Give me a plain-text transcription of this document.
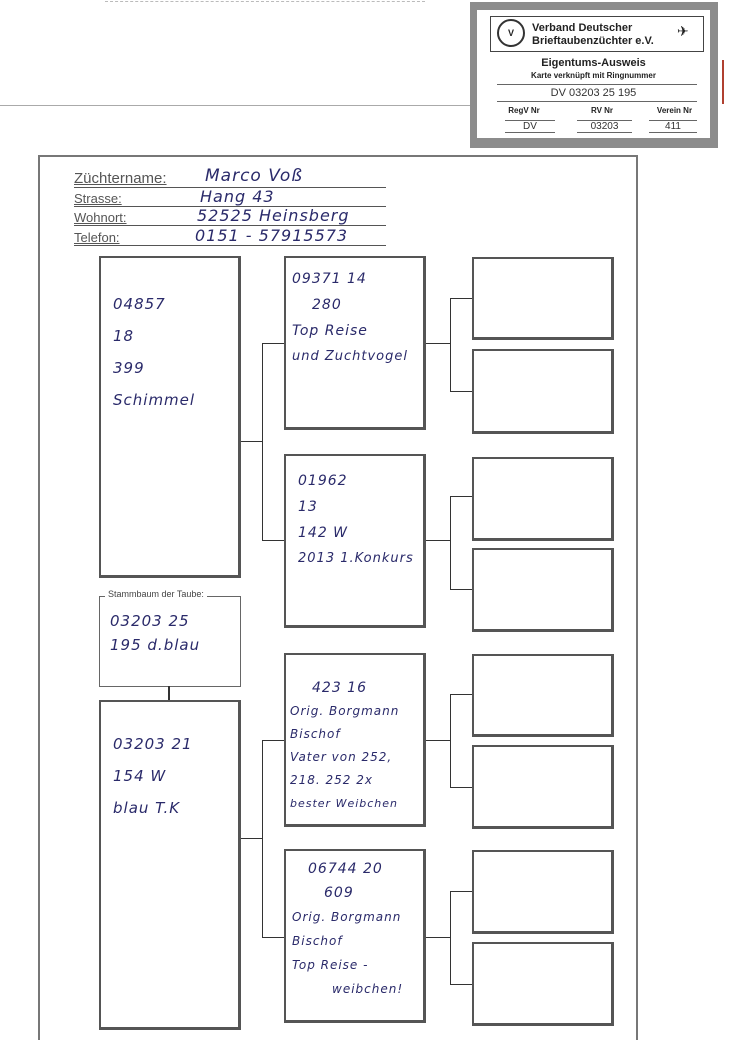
V	✈
Verband Deutscher
Brieftaubenzüchter e.V.
Eigentums-Ausweis
Karte verknüpft mit Ringnummer
DV 03203 25 195
RegV Nr	RV Nr	Verein Nr
DV	03203	411
Züchtername: Marco Voß
Strasse:	Hang 43
Wohnort:	52525 Heinsberg
Telefon:	0151 - 57915573
04857
18
399
Schimmel
Stammbaum der Taube:
03203 25
195 d.blau
03203 21
154 W
blau T.K
09371 14
280
Top Reise
und Zuchtvogel
01962
13
142 W
2013 1.Konkurs
423 16
Orig. Borgmann
Bischof
Vater von 252,
218. 252 2x
bester Weibchen
06744 20
609
Orig. Borgmann
Bischof
Top Reise -
weibchen!
